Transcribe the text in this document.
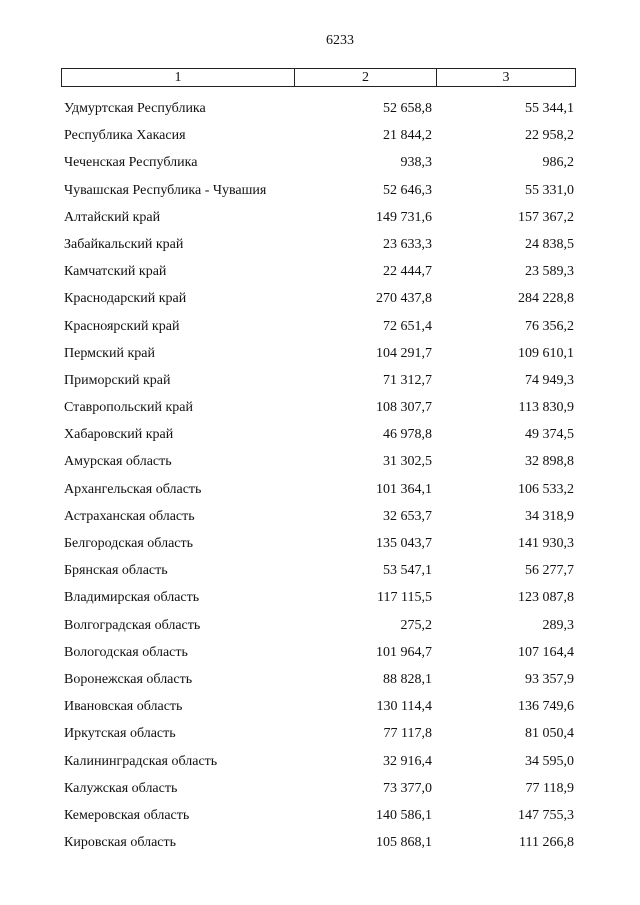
6233
1	2	3
Удмуртская Республика	52 658,8	55 344,1
Республика Хакасия	21 844,2	22 958,2
Чеченская Республика	938,3	986,2
Чувашская Республика - Чувашия	52 646,3	55 331,0
Алтайский край	149 731,6	157 367,2
Забайкальский край	23 633,3	24 838,5
Камчатский край	22 444,7	23 589,3
Краснодарский край	270 437,8	284 228,8
Красноярский край	72 651,4	76 356,2
Пермский край	104 291,7	109 610,1
Приморский край	71 312,7	74 949,3
Ставропольский край	108 307,7	113 830,9
Хабаровский край	46 978,8	49 374,5
Амурская область	31 302,5	32 898,8
Архангельская область	101 364,1	106 533,2
Астраханская область	32 653,7	34 318,9
Белгородская область	135 043,7	141 930,3
Брянская область	53 547,1	56 277,7
Владимирская область	117 115,5	123 087,8
Волгоградская область	275,2	289,3
Вологодская область	101 964,7	107 164,4
Воронежская область	88 828,1	93 357,9
Ивановская область	130 114,4	136 749,6
Иркутская область	77 117,8	81 050,4
Калининградская область	32 916,4	34 595,0
Калужская область	73 377,0	77 118,9
Кемеровская область	140 586,1	147 755,3
Кировская область	105 868,1	111 266,8
